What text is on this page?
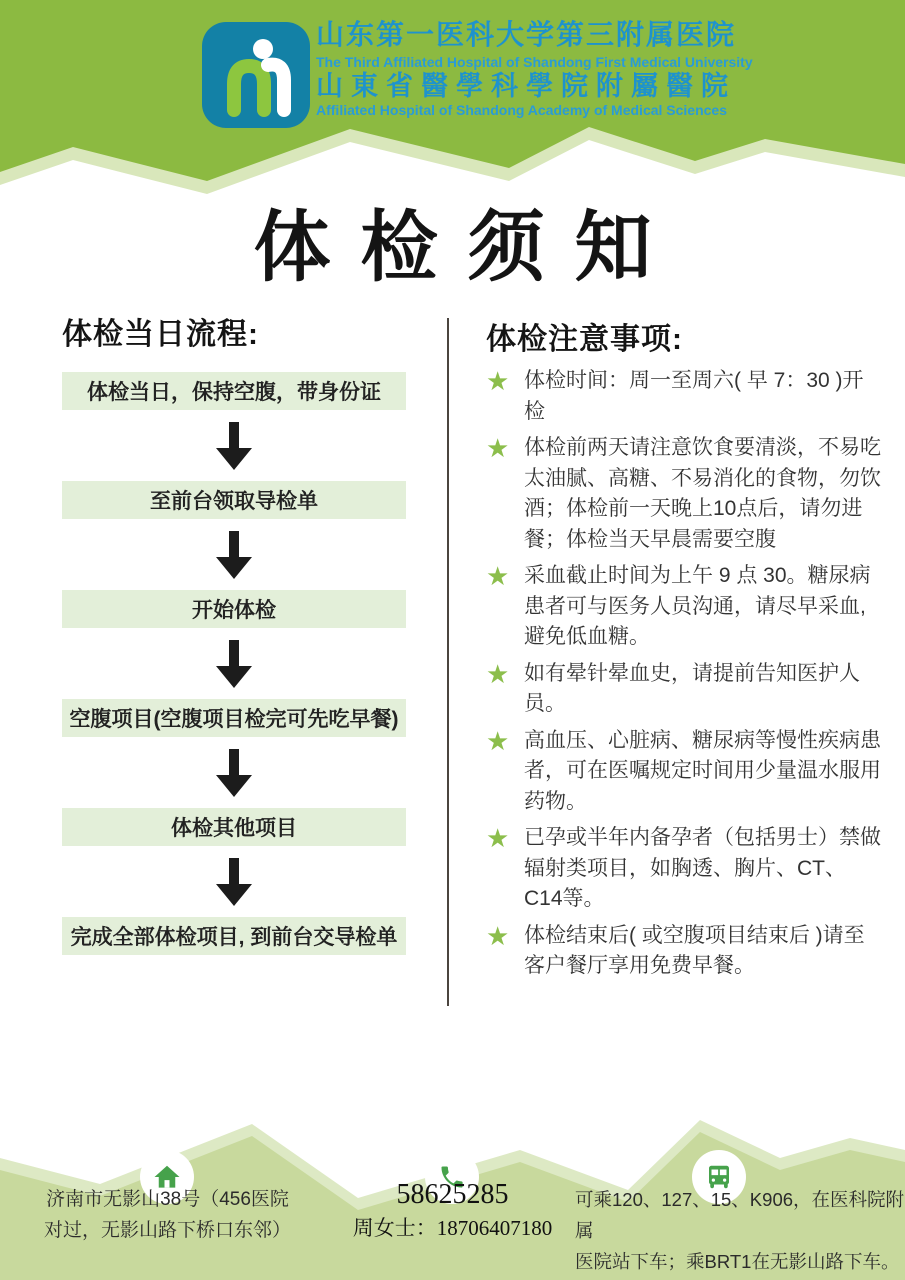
山东第一医科大学第三附属医院
The Third Affiliated Hospital of Shandong First Medical University
山東省醫學科學院附屬醫院
Affiliated Hospital of Shandong Academy of Medical Sciences
体检须知
体检当日流程:
体检当日，保持空腹，带身份证
至前台领取导检单
开始体检
空腹项目(空腹项目检完可先吃早餐)
体检其他项目
完成全部体检项目, 到前台交导检单
体检注意事项:
★ 体检时间：周一至周六( 早 7：30 )开检
★ 体检前两天请注意饮食要清淡，不易吃太油腻、高糖、不易消化的食物，勿饮酒；体检前一天晚上10点后，请勿进餐；体检当天早晨需要空腹
★ 采血截止时间为上午 9 点 30。糖尿病患者可与医务人员沟通，请尽早采血,避免低血糖。
★ 如有晕针晕血史，请提前告知医护人员。
★ 高血压、心脏病、糖尿病等慢性疾病患者，可在医嘱规定时间用少量温水服用药物。
★ 已孕或半年内备孕者（包括男士）禁做辐射类项目，如胸透、胸片、CT、C14等。
★ 体检结束后( 或空腹项目结束后 )请至客户餐厅享用免费早餐。
济南市无影山38号（456医院
对过，无影山路下桥口东邻）
58625285
周女士：18706407180
可乘120、127、15、K906，在医科院附属
医院站下车；乘BRT1在无影山路下车。
